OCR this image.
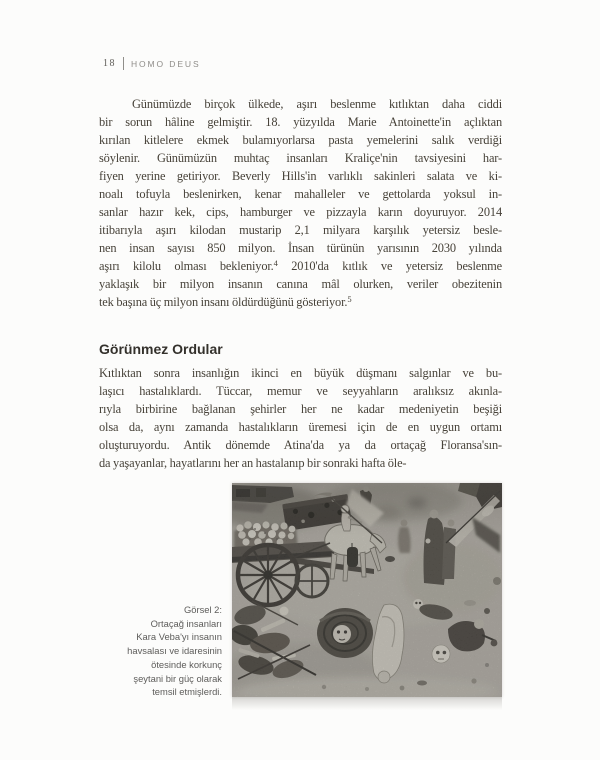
18 HOMO DEUS
Günümüzde birçok ülkede, aşırı beslenme kıtlıktan daha ciddi
bir sorun hâline gelmiştir. 18. yüzyılda Marie Antoinette'in açlıktan
kırılan kitlelere ekmek bulamıyorlarsa pasta yemelerini salık verdiği
söylenir. Günümüzün muhtaç insanları Kraliçe'nin tavsiyesini har-
fiyen yerine getiriyor. Beverly Hills'in varlıklı sakinleri salata ve ki-
noalı tofuyla beslenirken, kenar mahalleler ve gettolarda yoksul in-
sanlar hazır kek, cips, hamburger ve pizzayla karın doyuruyor. 2014
itibarıyla aşırı kilodan mustarip 2,1 milyara karşılık yetersiz besle-
nen insan sayısı 850 milyon. İnsan türünün yarısının 2030 yılında
aşırı kilolu olması bekleniyor.$^4$ 2010'da kıtlık ve yetersiz beslenme
yaklaşık bir milyon insanın canına mâl olurken, veriler obezitenin
tek başına üç milyon insanı öldürdüğünü gösteriyor.$^5$
Görünmez Ordular
Kıtlıktan sonra insanlığın ikinci en büyük düşmanı salgınlar ve bu-
laşıcı hastalıklardı. Tüccar, memur ve seyyahların aralıksız akınla-
rıyla birbirine bağlanan şehirler her ne kadar medeniyetin beşiği
olsa da, aynı zamanda hastalıkların üremesi için de en uygun ortamı
oluşturuyordu. Antik dönemde Atina'da ya da ortaçağ Floransa'sın-
da yaşayanlar, hayatlarını her an hastalanıp bir sonraki hafta öle-
Görsel 2:
Ortaçağ insanları
Kara Veba'yı insanın
havsalası ve idaresinin
ötesinde korkunç
şeytani bir güç olarak
temsil etmişlerdi.
